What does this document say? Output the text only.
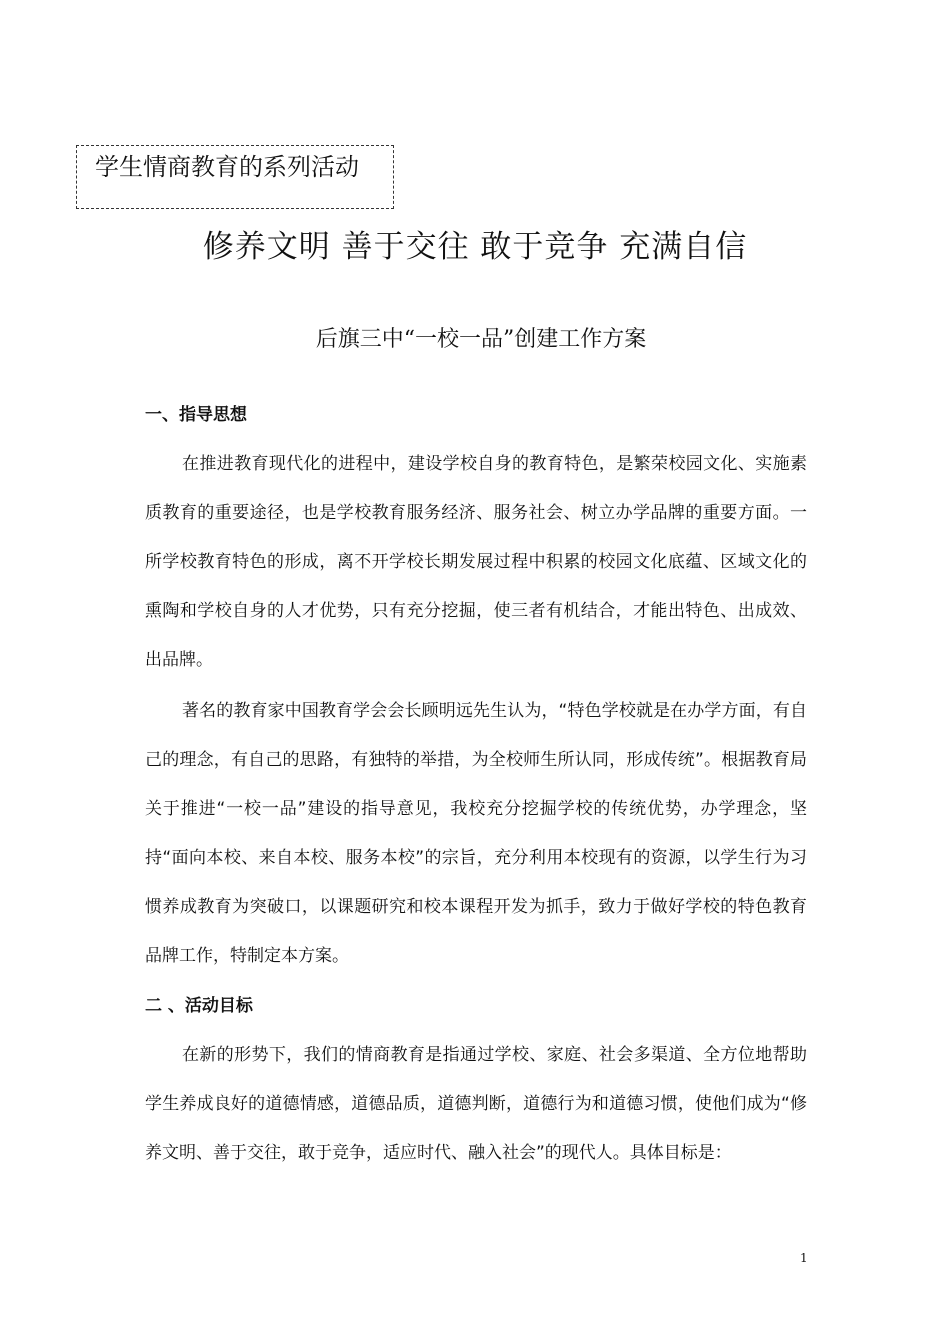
学生情商教育的系列活动
修养文明 善于交往 敢于竞争 充满自信
后旗三中“一校一品”创建工作方案
一、指导思想

在推进教育现代化的进程中，建设学校自身的教育特色，是繁荣校园文化、实施素质教育的重要途径，也是学校教育服务经济、服务社会、树立办学品牌的重要方面。一所学校教育特色的形成，离不开学校长期发展过程中积累的校园文化底蕴、区域文化的熏陶和学校自身的人才优势，只有充分挖掘，使三者有机结合，才能出特色、出成效、出品牌。

著名的教育家中国教育学会会长顾明远先生认为，“特色学校就是在办学方面，有自己的理念，有自己的思路，有独特的举措，为全校师生所认同，形成传统”。根据教育局关于推进“一校一品”建设的指导意见，我校充分挖掘学校的传统优势，办学理念，坚持“面向本校、来自本校、服务本校”的宗旨，充分利用本校现有的资源，以学生行为习惯养成教育为突破口，以课题研究和校本课程开发为抓手，致力于做好学校的特色教育品牌工作，特制定本方案。

二 、活动目标

在新的形势下，我们的情商教育是指通过学校、家庭、社会多渠道、全方位地帮助学生养成良好的道德情感，道德品质，道德判断，道德行为和道德习惯，使他们成为“修养文明、善于交往，敢于竞争，适应时代、融入社会”的现代人。具体目标是：

1
